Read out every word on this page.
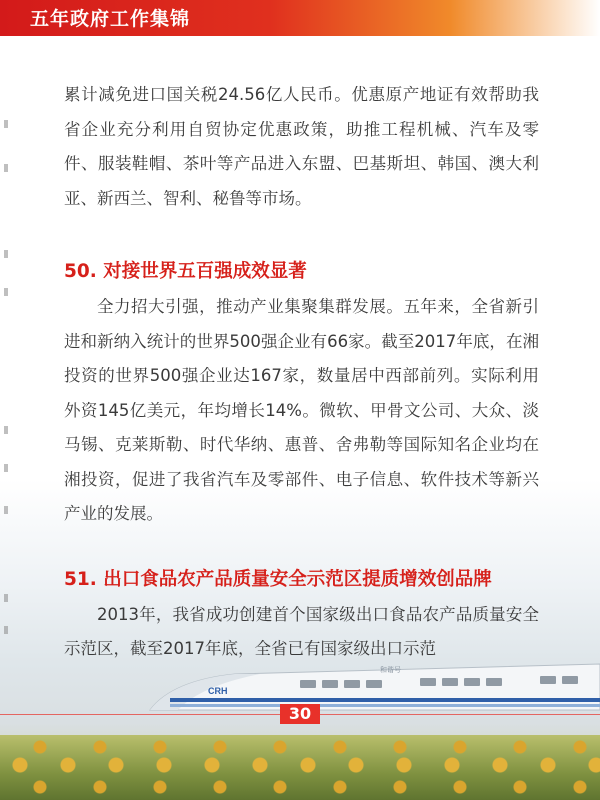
五年政府工作集锦

累计减免进口国关税24.56亿人民币。优惠原产地证有效帮助我省企业充分利用自贸协定优惠政策，助推工程机械、汽车及零件、服装鞋帽、茶叶等产品进入东盟、巴基斯坦、韩国、澳大利亚、新西兰、智利、秘鲁等市场。

50. 对接世界五百强成效显著

全力招大引强，推动产业集聚集群发展。五年来，全省新引进和新纳入统计的世界500强企业有66家。截至2017年底，在湘投资的世界500强企业达167家，数量居中西部前列。实际利用外资145亿美元，年均增长14%。微软、甲骨文公司、大众、淡马锡、克莱斯勒、时代华纳、惠普、舍弗勒等国际知名企业均在湘投资，促进了我省汽车及零部件、电子信息、软件技术等新兴产业的发展。

51. 出口食品农产品质量安全示范区提质增效创品牌

2013年，我省成功创建首个国家级出口食品农产品质量安全示范区，截至2017年底，全省已有国家级出口示范

CRH
和谐号
30
